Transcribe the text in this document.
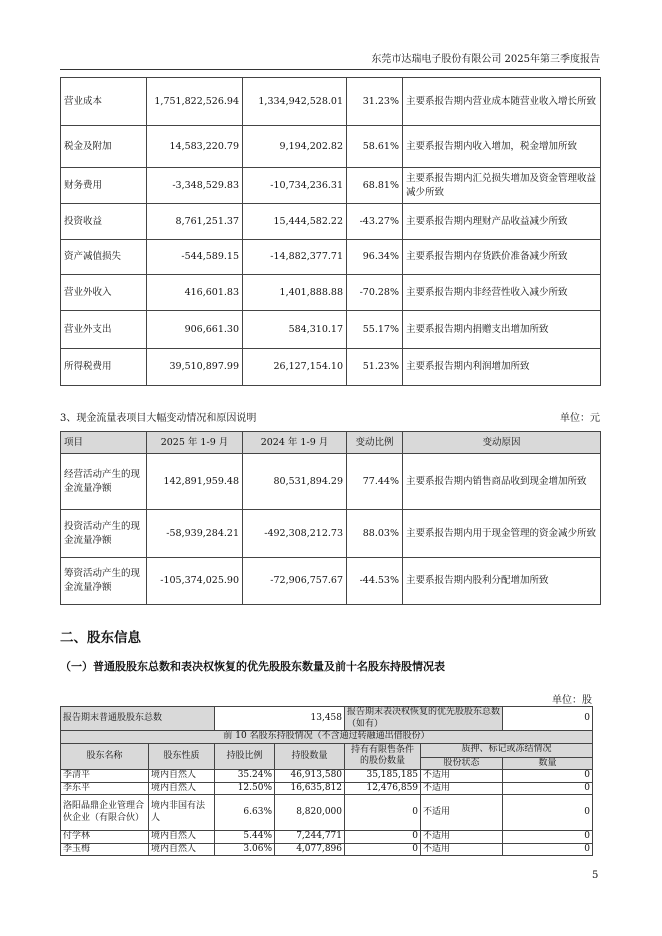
东莞市达瑞电子股份有限公司 2025年第三季度报告
营业成本	1,751,822,526.94	1,334,942,528.01	31.23%	主要系报告期内营业成本随营业收入增长所致
税金及附加	14,583,220.79	9,194,202.82	58.61%	主要系报告期内收入增加，税金增加所致
财务费用	-3,348,529.83	-10,734,236.31	68.81%	主要系报告期内汇兑损失增加及资金管理收益减少所致
投资收益	8,761,251.37	15,444,582.22	-43.27%	主要系报告期内理财产品收益减少所致
资产减值损失	-544,589.15	-14,882,377.71	96.34%	主要系报告期内存货跌价准备减少所致
营业外收入	416,601.83	1,401,888.88	-70.28%	主要系报告期内非经营性收入减少所致
营业外支出	906,661.30	584,310.17	55.17%	主要系报告期内捐赠支出增加所致
所得税费用	39,510,897.99	26,127,154.10	51.23%	主要系报告期内利润增加所致
3、现金流量表项目大幅变动情况和原因说明	单位：元
项目	2025 年 1-9 月	2024 年 1-9 月	变动比例	变动原因
经营活动产生的现金流量净额	142,891,959.48	80,531,894.29	77.44%	主要系报告期内销售商品收到现金增加所致
投资活动产生的现金流量净额	-58,939,284.21	-492,308,212.73	88.03%	主要系报告期内用于现金管理的资金减少所致
筹资活动产生的现金流量净额	-105,374,025.90	-72,906,757.67	-44.53%	主要系报告期内股利分配增加所致
二、股东信息
（一）普通股股东总数和表决权恢复的优先股股东数量及前十名股东持股情况表
单位：股
报告期末普通股股东总数		13,458		报告期末表决权恢复的优先股股东总数（如有）		0
前 10 名股东持股情况（不含通过转融通出借股份）						
股东名称	股东性质	持股比例	持股数量	持有有限售条件的股份数量	质押、标记或冻结情况	
					股份状态	数量
李清平	境内自然人	35.24%	46,913,580	35,185,185	不适用	0
李东平	境内自然人	12.50%	16,635,812	12,476,859	不适用	0
洛阳晶鼎企业管理合伙企业（有限合伙）	境内非国有法人	6.63%	8,820,000	0	不适用	0
付学林	境内自然人	5.44%	7,244,771	0	不适用	0
李玉梅	境内自然人	3.06%	4,077,896	0	不适用	0
5
